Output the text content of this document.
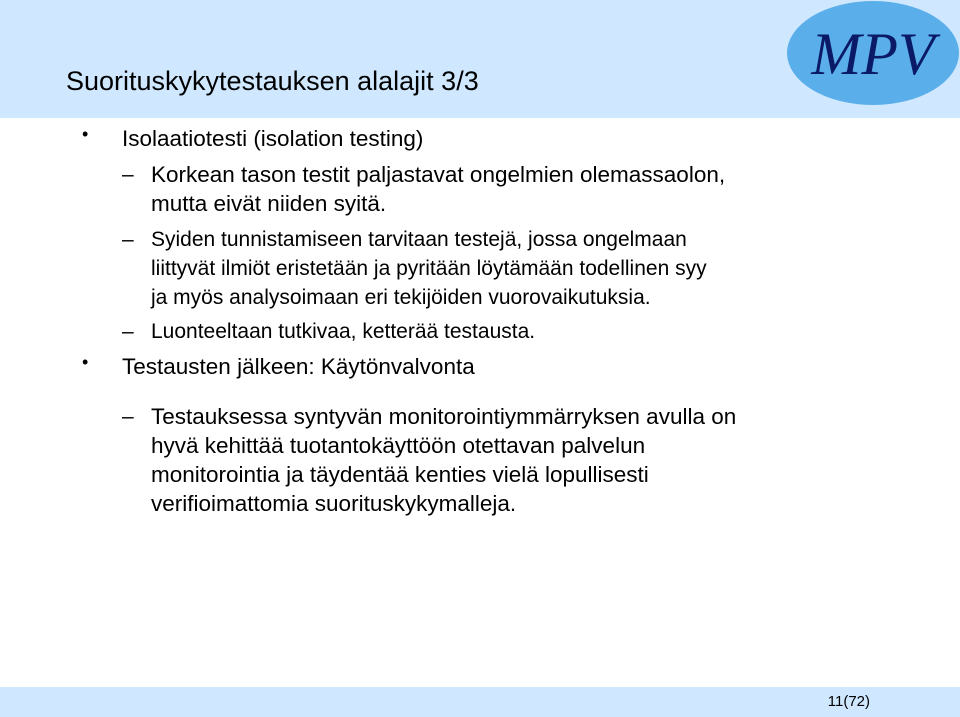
Suorituskykytestauksen alalajit 3/3	MPV
• Isolaatiotesti (isolation testing)
– Korkean tason testit paljastavat ongelmien olemassaolon,
mutta eivät niiden syitä.
– Syiden tunnistamiseen tarvitaan testejä, jossa ongelmaan
liittyvät ilmiöt eristetään ja pyritään löytämään todellinen syy
ja myös analysoimaan eri tekijöiden vuorovaikutuksia.
– Luonteeltaan tutkivaa, ketterää testausta.
• Testausten jälkeen: Käytönvalvonta
– Testauksessa syntyvän monitorointiymmärryksen avulla on
hyvä kehittää tuotantokäyttöön otettavan palvelun
monitorointia ja täydentää kenties vielä lopullisesti
verifioimattomia suorituskykymalleja.
11(72)
